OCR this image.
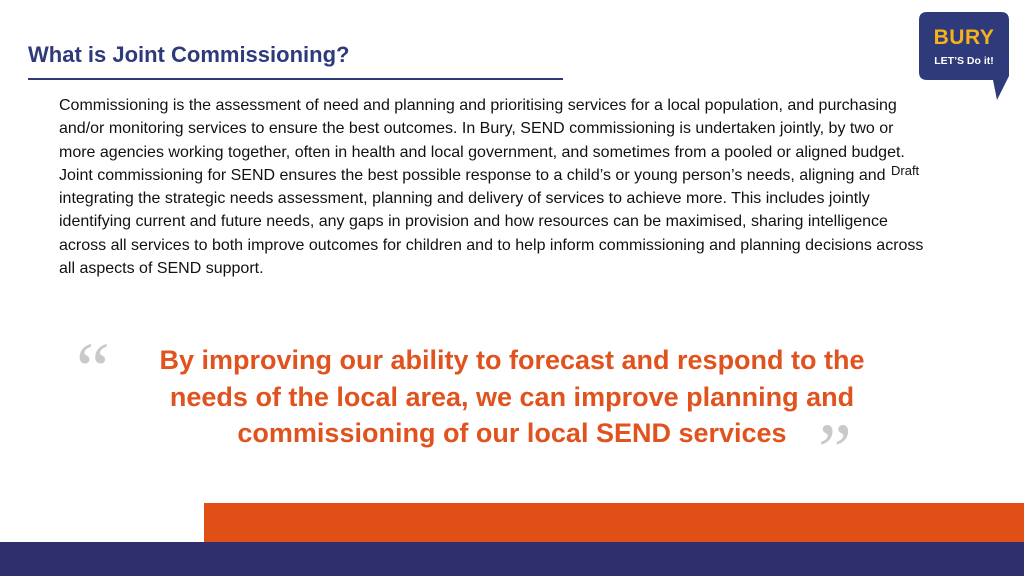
What is Joint Commissioning?
BURY
LET’S Do it!

Commissioning is the assessment of need and planning and prioritising services for a local population, and purchasing and/or monitoring services to ensure the best outcomes. In Bury, SEND commissioning is undertaken jointly, by two or more agencies working together, often in health and local government, and sometimes from a pooled or aligned budget. Joint commissioning for SEND ensures the best possible response to a child’s or young person’s needs, aligning and integrating the strategic needs assessment, planning and delivery of services to achieve more. This includes jointly identifying current and future needs, any gaps in provision and how resources can be maximised, sharing intelligence across all services to both improve outcomes for children and to help inform commissioning and planning decisions across all aspects of SEND support.

Draft
“	By improving our ability to forecast and respond to the
needs of the local area, we can improve planning and
commissioning of our local SEND services ”
